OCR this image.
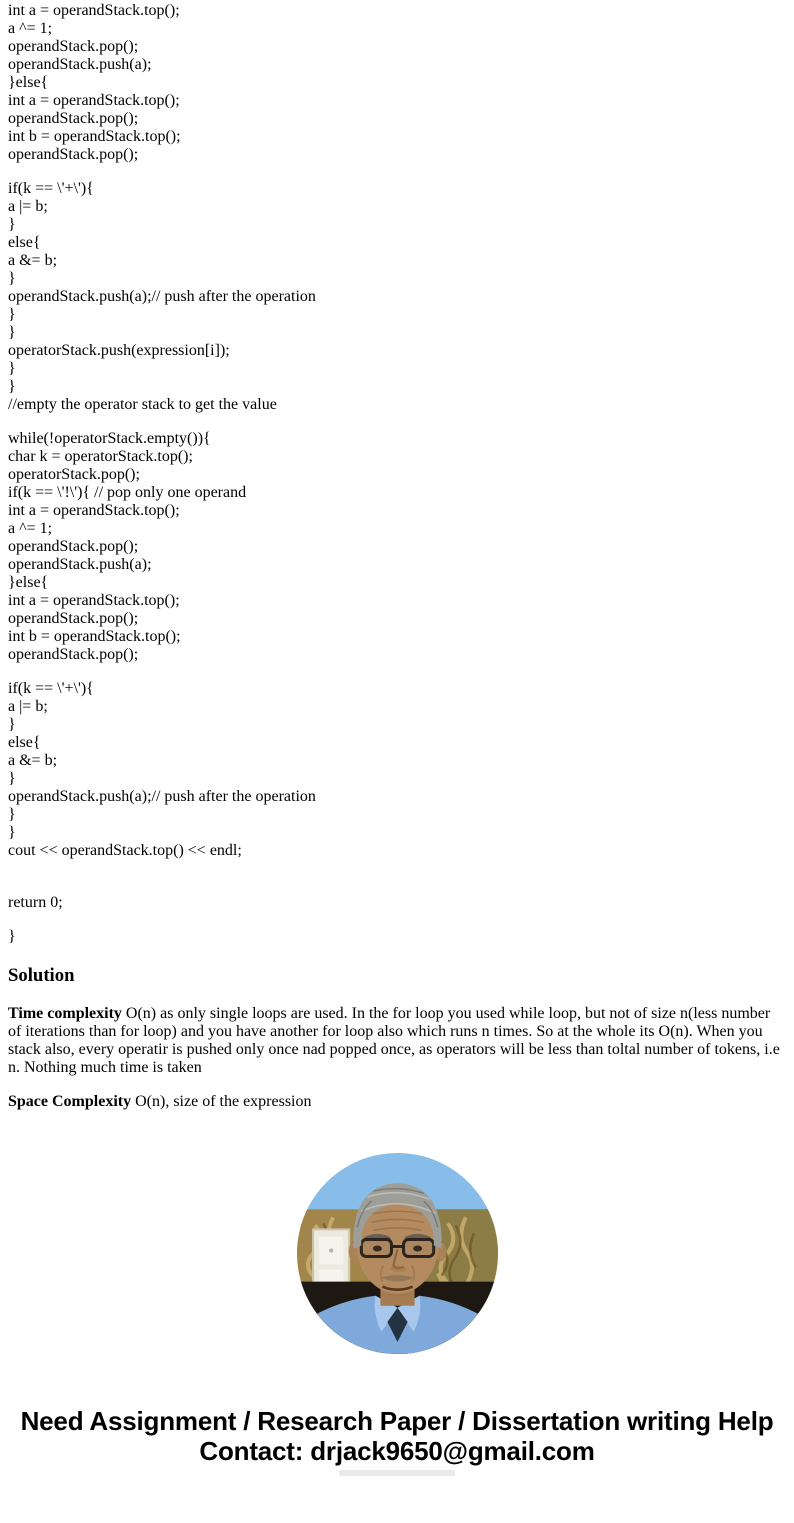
int a = operandStack.top();
a ^= 1;
operandStack.pop();
operandStack.push(a);
}else{
int a = operandStack.top();
operandStack.pop();
int b = operandStack.top();
operandStack.pop();

if(k == \'+\'){
a |= b;
}
else{
a &= b;
}
operandStack.push(a);// push after the operation
}
}
operatorStack.push(expression[i]);
}
}
//empty the operator stack to get the value

while(!operatorStack.empty()){
char k = operatorStack.top();
operatorStack.pop();
if(k == \'!\'){ // pop only one operand
int a = operandStack.top();
a ^= 1;
operandStack.pop();
operandStack.push(a);
}else{
int a = operandStack.top();
operandStack.pop();
int b = operandStack.top();
operandStack.pop();

if(k == \'+\'){
a |= b;
}
else{
a &= b;
}
operandStack.push(a);// push after the operation
}
}
cout << operandStack.top() << endl;

return 0;

}

Solution

Time complexity O(n) as only single loops are used. In the for loop you used while loop, but not of size n(less number of iterations than for loop) and you have another for loop also which runs n times. So at the whole its O(n). When you stack also, every operatir is pushed only once nad popped once, as operators will be less than toltal number of tokens, i.e n. Nothing much time is taken

Space Complexity O(n), size of the expression

Need Assignment / Research Paper / Dissertation writing Help
Contact: drjack9650@gmail.com
